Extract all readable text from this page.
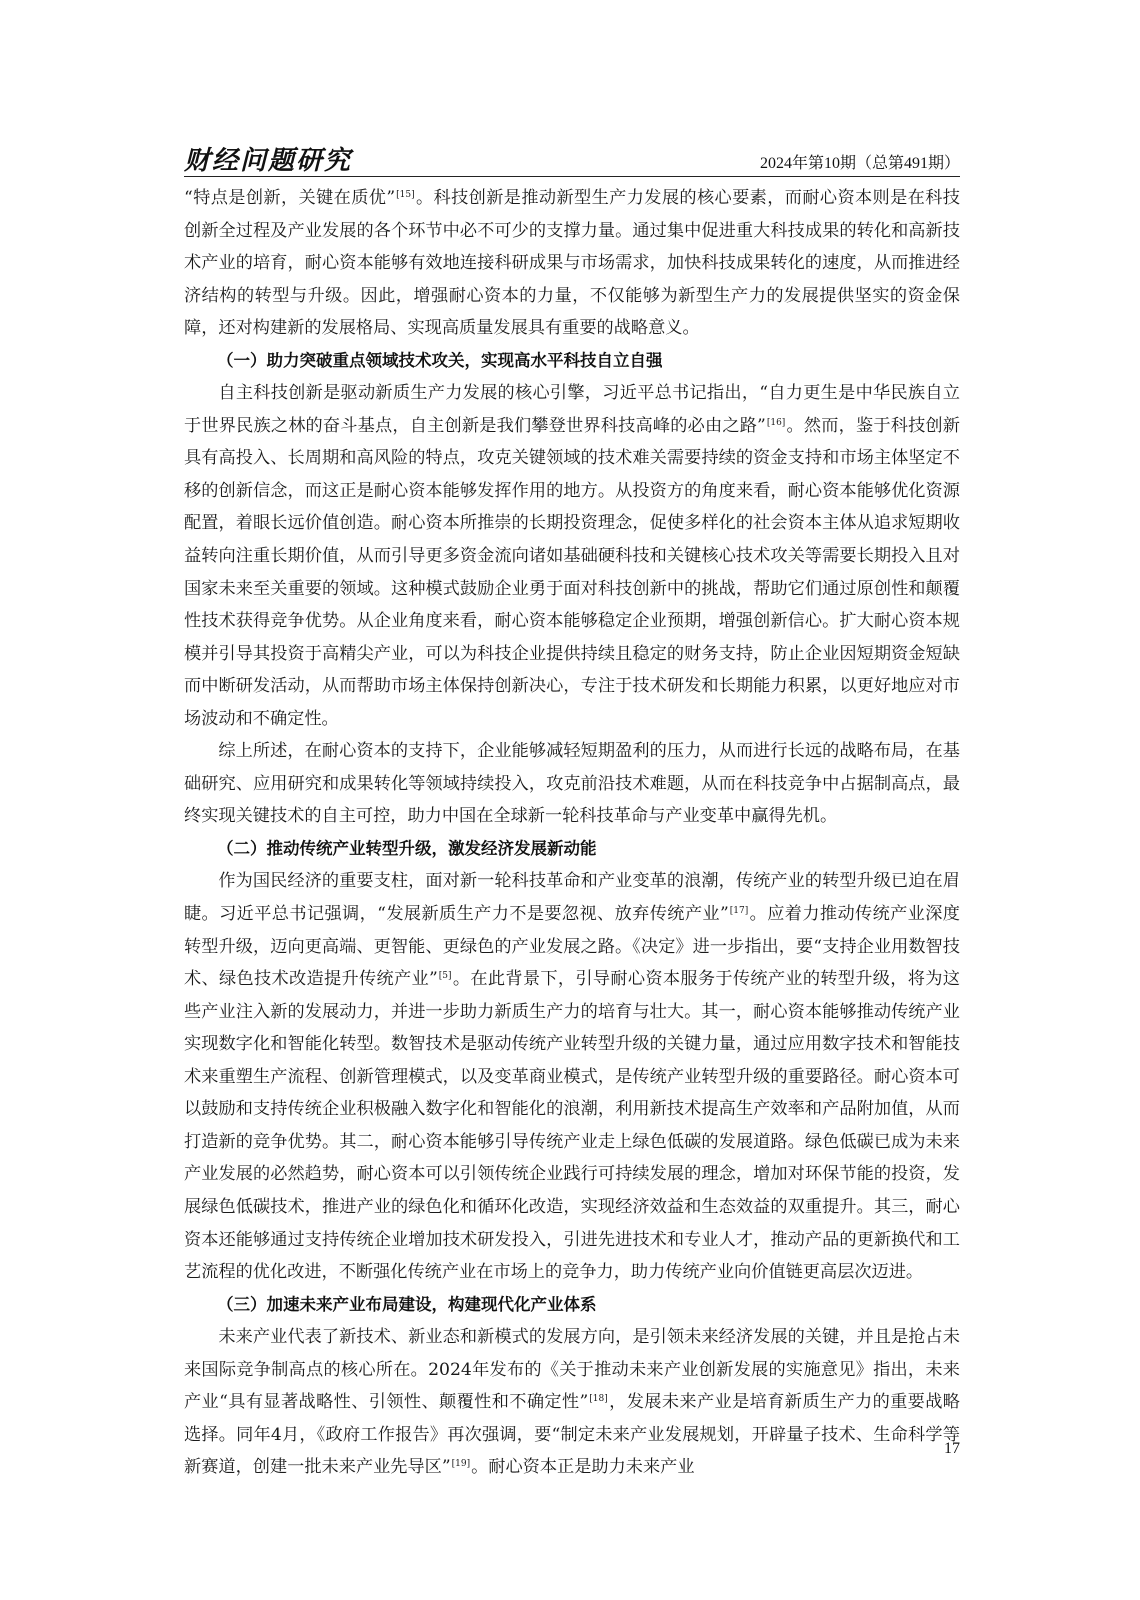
财经问题研究	2024年第10期（总第491期）

“特点是创新，关键在质优”[15]。科技创新是推动新型生产力发展的核心要素，而耐心资本则是在科技创新全过程及产业发展的各个环节中必不可少的支撑力量。通过集中促进重大科技成果的转化和高新技术产业的培育，耐心资本能够有效地连接科研成果与市场需求，加快科技成果转化的速度，从而推进经济结构的转型与升级。因此，增强耐心资本的力量，不仅能够为新型生产力的发展提供坚实的资金保障，还对构建新的发展格局、实现高质量发展具有重要的战略意义。

（一）助力突破重点领域技术攻关，实现高水平科技自立自强

自主科技创新是驱动新质生产力发展的核心引擎，习近平总书记指出，“自力更生是中华民族自立于世界民族之林的奋斗基点，自主创新是我们攀登世界科技高峰的必由之路”[16]。然而，鉴于科技创新具有高投入、长周期和高风险的特点，攻克关键领域的技术难关需要持续的资金支持和市场主体坚定不移的创新信念，而这正是耐心资本能够发挥作用的地方。从投资方的角度来看，耐心资本能够优化资源配置，着眼长远价值创造。耐心资本所推崇的长期投资理念，促使多样化的社会资本主体从追求短期收益转向注重长期价值，从而引导更多资金流向诸如基础硬科技和关键核心技术攻关等需要长期投入且对国家未来至关重要的领域。这种模式鼓励企业勇于面对科技创新中的挑战，帮助它们通过原创性和颠覆性技术获得竞争优势。从企业角度来看，耐心资本能够稳定企业预期，增强创新信心。扩大耐心资本规模并引导其投资于高精尖产业，可以为科技企业提供持续且稳定的财务支持，防止企业因短期资金短缺而中断研发活动，从而帮助市场主体保持创新决心，专注于技术研发和长期能力积累，以更好地应对市场波动和不确定性。

综上所述，在耐心资本的支持下，企业能够减轻短期盈利的压力，从而进行长远的战略布局，在基础研究、应用研究和成果转化等领域持续投入，攻克前沿技术难题，从而在科技竞争中占据制高点，最终实现关键技术的自主可控，助力中国在全球新一轮科技革命与产业变革中赢得先机。

（二）推动传统产业转型升级，激发经济发展新动能

作为国民经济的重要支柱，面对新一轮科技革命和产业变革的浪潮，传统产业的转型升级已迫在眉睫。习近平总书记强调，“发展新质生产力不是要忽视、放弃传统产业”[17]。应着力推动传统产业深度转型升级，迈向更高端、更智能、更绿色的产业发展之路。《决定》进一步指出，要“支持企业用数智技术、绿色技术改造提升传统产业”[5]。在此背景下，引导耐心资本服务于传统产业的转型升级，将为这些产业注入新的发展动力，并进一步助力新质生产力的培育与壮大。其一，耐心资本能够推动传统产业实现数字化和智能化转型。数智技术是驱动传统产业转型升级的关键力量，通过应用数字技术和智能技术来重塑生产流程、创新管理模式，以及变革商业模式，是传统产业转型升级的重要路径。耐心资本可以鼓励和支持传统企业积极融入数字化和智能化的浪潮，利用新技术提高生产效率和产品附加值，从而打造新的竞争优势。其二，耐心资本能够引导传统产业走上绿色低碳的发展道路。绿色低碳已成为未来产业发展的必然趋势，耐心资本可以引领传统企业践行可持续发展的理念，增加对环保节能的投资，发展绿色低碳技术，推进产业的绿色化和循环化改造，实现经济效益和生态效益的双重提升。其三，耐心资本还能够通过支持传统企业增加技术研发投入，引进先进技术和专业人才，推动产品的更新换代和工艺流程的优化改进，不断强化传统产业在市场上的竞争力，助力传统产业向价值链更高层次迈进。

（三）加速未来产业布局建设，构建现代化产业体系

未来产业代表了新技术、新业态和新模式的发展方向，是引领未来经济发展的关键，并且是抢占未来国际竞争制高点的核心所在。2024年发布的《关于推动未来产业创新发展的实施意见》指出，未来产业“具有显著战略性、引领性、颠覆性和不确定性”[18]，发展未来产业是培育新质生产力的重要战略选择。同年4月，《政府工作报告》再次强调，要“制定未来产业发展规划，开辟量子技术、生命科学等新赛道，创建一批未来产业先导区”[19]。耐心资本正是助力未来产业

17
